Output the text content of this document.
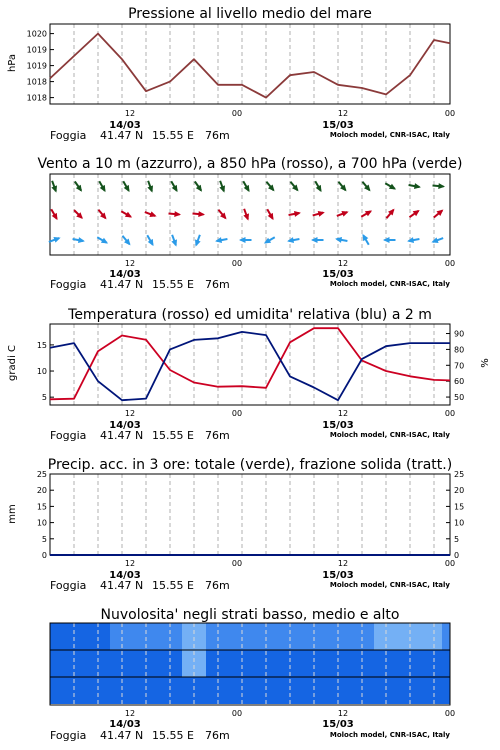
Pressione al livello medio del mare
hPa
1018
1018
1019
1019
1020
12	00	12	00
14/03	15/03
Foggia 41.47 N 15.55 E 76m	Moloch model, CNR-ISAC, Italy
Vento a 10 m (azzurro), a 850 hPa (rosso), a 700 hPa (verde)
12	00	12	00
14/03	15/03
Foggia 41.47 N 15.55 E 76m	Moloch model, CNR-ISAC, Italy
Temperatura (rosso) ed umidita' relativa (blu) a 2 m
gradi C	%
5
10
15
50
60
70
80
90
12	00	12	00
14/03	15/03
Foggia 41.47 N 15.55 E 76m	Moloch model, CNR-ISAC, Italy
Precip. acc. in 3 ore: totale (verde), frazione solida (tratt.)
mm
0
5
10
15
20
25
0
5
10
15
20
25
12	00	12	00
14/03	15/03
Foggia 41.47 N 15.55 E 76m	Moloch model, CNR-ISAC, Italy
Nuvolosita' negli strati basso, medio e alto
12	00	12	00
14/03	15/03
Foggia 41.47 N 15.55 E 76m	Moloch model, CNR-ISAC, Italy
